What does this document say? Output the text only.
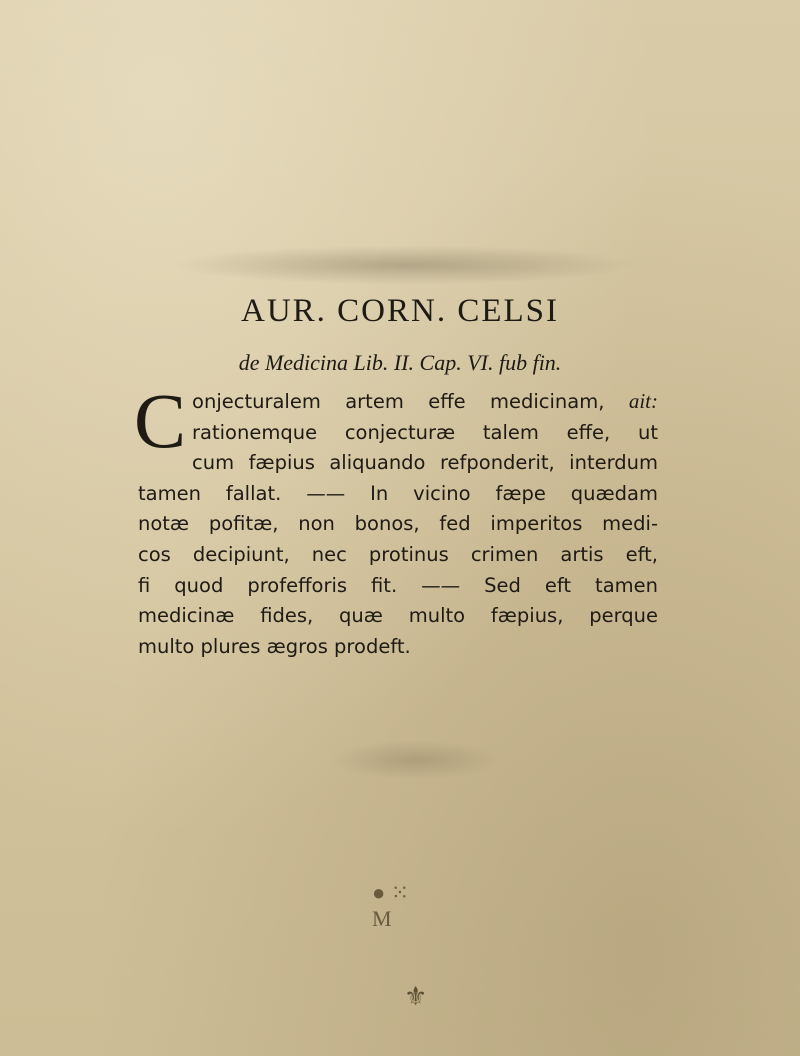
AUR. CORN. CELSI
de Medicina Lib. II. Cap. VI. fub fin.
C onjecturalem artem effe medicinam, ait:
rationemque conjecturæ talem effe, ut
cum fæpius aliquando refponderit, interdum
tamen fallat. —— In vicino fæpe quædam
notæ pofitæ, non bonos, fed imperitos medi-
cos decipiunt, nec protinus crimen artis eft,
fi quod profefforis fit. —— Sed eft tamen
medicinæ fides, quæ multo fæpius, perque
multo plures ægros prodeft.
● ⁙ M
⚜
